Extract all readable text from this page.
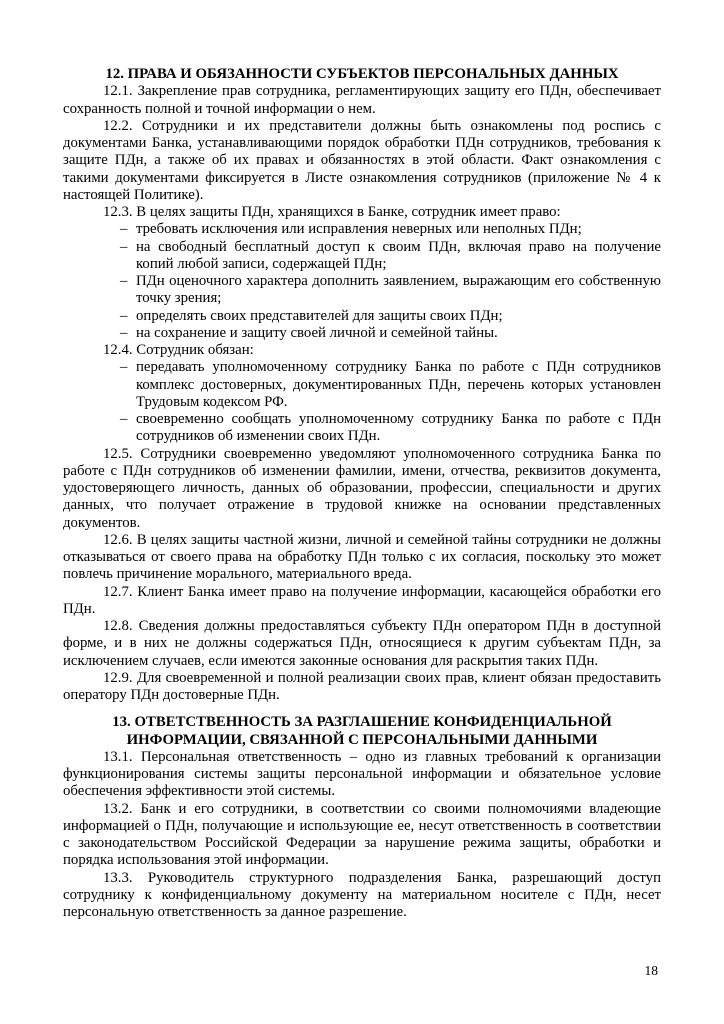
12. ПРАВА И ОБЯЗАННОСТИ СУБЪЕКТОВ ПЕРСОНАЛЬНЫХ ДАННЫХ

12.1. Закрепление прав сотрудника, регламентирующих защиту его ПДн, обеспечивает сохранность полной и точной информации о нем.

12.2. Сотрудники и их представители должны быть ознакомлены под роспись с документами Банка, устанавливающими порядок обработки ПДн сотрудников, требования к защите ПДн, а также об их правах и обязанностях в этой области. Факт ознакомления с такими документами фиксируется в Листе ознакомления сотрудников (приложение № 4 к настоящей Политике).

12.3. В целях защиты ПДн, хранящихся в Банке, сотрудник имеет право:

– требовать исключения или исправления неверных или неполных ПДн;
– на свободный бесплатный доступ к своим ПДн, включая право на получение копий любой записи, содержащей ПДн;
– ПДн оценочного характера дополнить заявлением, выражающим его собственную точку зрения;
– определять своих представителей для защиты своих ПДн;
– на сохранение и защиту своей личной и семейной тайны.

12.4. Сотрудник обязан:

– передавать уполномоченному сотруднику Банка по работе с ПДн сотрудников комплекс достоверных, документированных ПДн, перечень которых установлен Трудовым кодексом РФ.
– своевременно сообщать уполномоченному сотруднику Банка по работе с ПДн сотрудников об изменении своих ПДн.

12.5. Сотрудники своевременно уведомляют уполномоченного сотрудника Банка по работе с ПДн сотрудников об изменении фамилии, имени, отчества, реквизитов документа, удостоверяющего личность, данных об образовании, профессии, специальности и других данных, что получает отражение в трудовой книжке на основании представленных документов.

12.6. В целях защиты частной жизни, личной и семейной тайны сотрудники не должны отказываться от своего права на обработку ПДн только с их согласия, поскольку это может повлечь причинение морального, материального вреда.

12.7. Клиент Банка имеет право на получение информации, касающейся обработки его ПДн.

12.8. Сведения должны предоставляться субъекту ПДн оператором ПДн в доступной форме, и в них не должны содержаться ПДн, относящиеся к другим субъектам ПДн, за исключением случаев, если имеются законные основания для раскрытия таких ПДн.

12.9. Для своевременной и полной реализации своих прав, клиент обязан предоставить оператору ПДн достоверные ПДн.

13. ОТВЕТСТВЕННОСТЬ ЗА РАЗГЛАШЕНИЕ КОНФИДЕНЦИАЛЬНОЙ
ИНФОРМАЦИИ, СВЯЗАННОЙ С ПЕРСОНАЛЬНЫМИ ДАННЫМИ

13.1. Персональная ответственность – одно из главных требований к организации функционирования системы защиты персональной информации и обязательное условие обеспечения эффективности этой системы.

13.2. Банк и его сотрудники, в соответствии со своими полномочиями владеющие информацией о ПДн, получающие и использующие ее, несут ответственность в соответствии с законодательством Российской Федерации за нарушение режима защиты, обработки и порядка использования этой информации.

13.3. Руководитель структурного подразделения Банка, разрешающий доступ сотруднику к конфиденциальному документу на материальном носителе с ПДн, несет персональную ответственность за данное разрешение.

18
